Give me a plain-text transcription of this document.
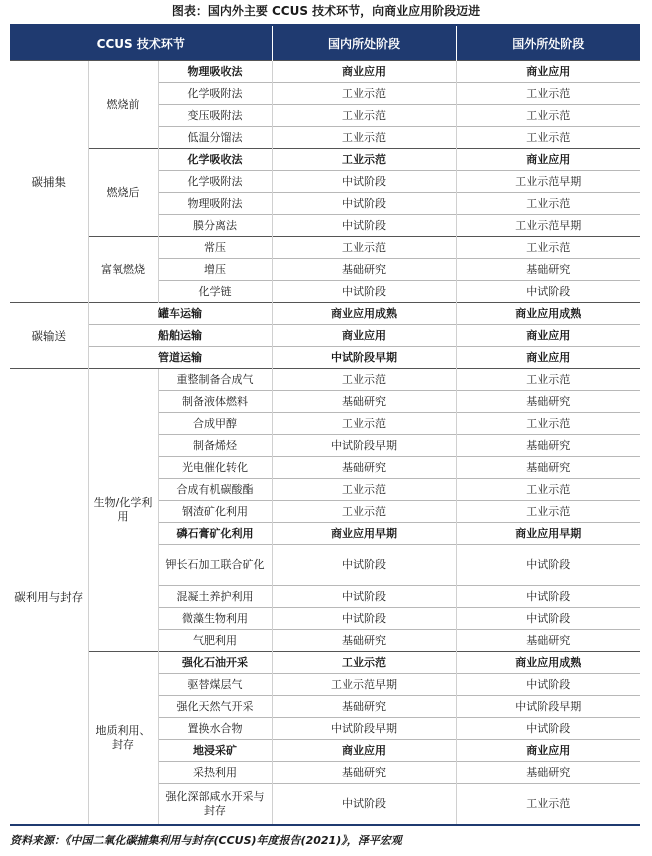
图表：国内外主要 CCUS 技术环节，向商业应用阶段迈进
CCUS 技术环节			国内所处阶段	国外所处阶段
碳捕集	燃烧前	物理吸收法	商业应用	商业应用
		化学吸附法	工业示范	工业示范
		变压吸附法	工业示范	工业示范
		低温分馏法	工业示范	工业示范
	燃烧后	化学吸收法	工业示范	商业应用
		化学吸附法	中试阶段	工业示范早期
		物理吸附法	中试阶段	工业示范
		膜分离法	中试阶段	工业示范早期
	富氧燃烧	常压	工业示范	工业示范
		增压	基础研究	基础研究
		化学链	中试阶段	中试阶段
碳输送	罐车运输		商业应用成熟	商业应用成熟
	船舶运输		商业应用	商业应用
	管道运输		中试阶段早期	商业应用
碳利用与封存	生物/化学利用	重整制备合成气	工业示范	工业示范
		制备液体燃料	基础研究	基础研究
		合成甲醇	工业示范	工业示范
		制备烯烃	中试阶段早期	基础研究
		光电催化转化	基础研究	基础研究
		合成有机碳酸酯	工业示范	工业示范
		钢渣矿化利用	工业示范	工业示范
		磷石膏矿化利用	商业应用早期	商业应用早期
		钾长石加工联合矿化	中试阶段	中试阶段
		混凝土养护利用	中试阶段	中试阶段
		微藻生物利用	中试阶段	中试阶段
		气肥利用	基础研究	基础研究
	地质利用、封存	强化石油开采	工业示范	商业应用成熟
		驱替煤层气	工业示范早期	中试阶段
		强化天然气开采	基础研究	中试阶段早期
		置换水合物	中试阶段早期	中试阶段
		地浸采矿	商业应用	商业应用
		采热利用	基础研究	基础研究
		强化深部咸水开采与封存	中试阶段	工业示范
资料来源：《中国二氧化碳捕集利用与封存(CCUS)年度报告(2021)》，泽平宏观
